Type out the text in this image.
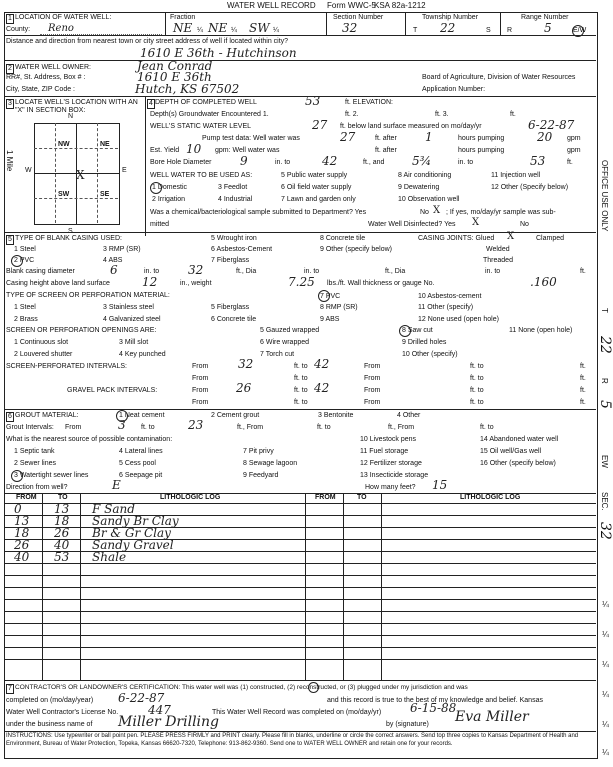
WATER WELL RECORD Form WWC-5
KSA 82a-1212
1 LOCATION OF WATER WELL:
County: Reno
Fraction
NE ¼ NE ¼ SW ¼
Section Number
32
Township Number
T 22	S
Range Number
R	5	E/W
Distance and direction from nearest town or city street address of well if located within city?
1610 E 36th - Hutchinson
2 WATER WELL OWNER:	Jean Conrad
RR#, St. Address, Box # :	1610 E 36th
City, State, ZIP Code :	Hutch, KS 67502
Board of Agriculture, Division of Water Resources
Application Number:
3 LOCATE WELL'S LOCATION WITH AN "X" IN SECTION BOX:
N
S
W	E
1 Mile
NW	NE
SW	SE
X
4 DEPTH OF COMPLETED WELL	53	ft. ELEVATION:
Depth(s) Groundwater Encountered 1.	ft. 2.	ft. 3.	ft.
WELL'S STATIC WATER LEVEL	27 ft. below land surface measured on mo/day/yr	6-22-87
Pump test data: Well water was	27	ft. after 1	hours pumping	20 gpm
Est. Yield 10 gpm: Well water was	ft. after	hours pumping	gpm
Bore Hole Diameter 9	in. to	42	ft., and 5¾	in. to	53	ft.
WELL WATER TO BE USED AS:
1 Domestic	3 Feedlot
5 Public water supply	8 Air conditioning	11 Injection well
2 Irrigation	4 Industrial
6 Oil field water supply	9 Dewatering	12 Other (Specify below)
7 Lawn and garden only	10 Observation well
Was a chemical/bacteriological sample submitted to Department? Yes	No X ; If yes, mo/day/yr sample was sub-
mitted	Water Well Disinfected? Yes X	No
5 TYPE OF BLANK CASING USED:
1 Steel	3 RMP (SR)
5 Wrought iron	8 Concrete tile
2 PVC	4 ABS
6 Asbestos-Cement	9 Other (specify below)
7 Fiberglass
CASING JOINTS: Glued X	Clamped
Welded
Threaded
Blank casing diameter	6	in. to 32	ft., Dia	in. to	ft., Dia	in. to	ft.
Casing height above land surface	12	in., weight	7.25 lbs./ft. Wall thickness or gauge No.	.160
TYPE OF SCREEN OR PERFORATION MATERIAL:
1 Steel	3 Stainless steel	5 Fiberglass
7 PVC	10 Asbestos-cement
2 Brass	4 Galvanized steel	6 Concrete tile
8 RMP (SR)	11 Other (specify)
9 ABS	12 None used (open hole)
SCREEN OR PERFORATION OPENINGS ARE:	5 Gauzed wrapped	8 Saw cut	11 None (open hole)
1 Continuous slot	3 Mill slot	6 Wire wrapped	9 Drilled holes
2 Louvered shutter	4 Key punched	7 Torch cut	10 Other (specify)
SCREEN-PERFORATED INTERVALS:	From 32	ft. to 42	From	ft. to	ft.
From	ft. to	From	ft. to	ft.
GRAVEL PACK INTERVALS:	From 26	ft. to 42	From	ft. to	ft.
From	ft. to	From	ft. to	ft.
6 GROUT MATERIAL:	1 Neat cement	2 Cement grout	3 Bentonite	4 Other
Grout Intervals: From	3 ft. to	23	ft., From	ft. to	ft., From	ft. to
What is the nearest source of possible contamination:
1 Septic tank	4 Lateral lines	7 Pit privy
10 Livestock pens	14 Abandoned water well
2 Sewer lines	5 Cess pool	8 Sewage lagoon
11 Fuel storage	15 Oil well/Gas well
3 Watertight sewer lines	6 Seepage pit	9 Feedyard
12 Fertilizer storage	16 Other (specify below)
13 Insecticide storage
Direction from well?	E	How many feet? 15
FROM	TO	LITHOLOGIC LOG	FROM	TO	LITHOLOGIC LOG
0	13 F Sand
13 18 Sandy Br Clay
18 26 Br & Gr Clay
26 40 Sandy Gravel
40 53 Shale
7 CONTRACTOR'S OR LANDOWNER'S CERTIFICATION: This water well was (1) constructed, (2) reconstructed, or (3) plugged under my jurisdiction and was
completed on (mo/day/year) 6-22-87	and this record is true to the best of my knowledge and belief. Kansas
Water Well Contractor's License No. 447	This Water Well Record was completed on (mo/day/yr) 6-15-88
under the business name of Miller Drilling	by (signature) Eva Miller
INSTRUCTIONS: Use typewriter or ball point pen. PLEASE PRESS FIRMLY and PRINT clearly. Please fill in blanks, underline or circle the correct answers. Send top three copies to Kansas Department of Health and Environment, Bureau of Water Protection, Topeka, Kansas 66620-7320, Telephone: 913-862-9360. Send one to WATER WELL OWNER and retain one for your records.
OFFICE USE ONLY
T
22
R
5
EW
SEC.
32
¼
¼
¼
¼
¼
¼
